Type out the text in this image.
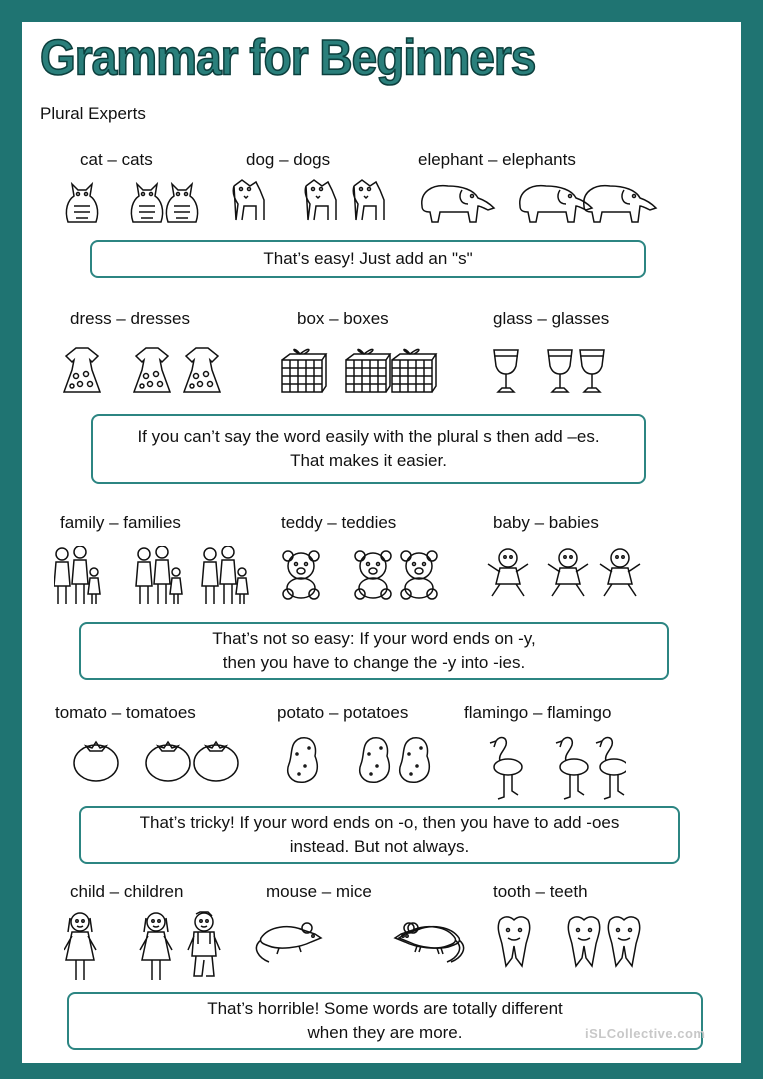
Grammar for Beginners
Plural Experts
cat – cats	dog – dogs	elephant – elephants
That’s easy! Just add an "s"
dress – dresses	box – boxes	glass – glasses
If you can’t say the word easily with the plural s then add –es.
That makes it easier.
family – families	teddy – teddies	baby – babies
That’s not so easy: If your word ends on -y,
then you have to change the -y into -ies.
tomato – tomatoes	potato – potatoes	flamingo – flamingo
That’s tricky! If your word ends on -o, then you have to add -oes
instead. But not always.
child – children	mouse – mice	tooth – teeth
That’s horrible! Some words are totally different
when they are more.	iSLCollective.com
